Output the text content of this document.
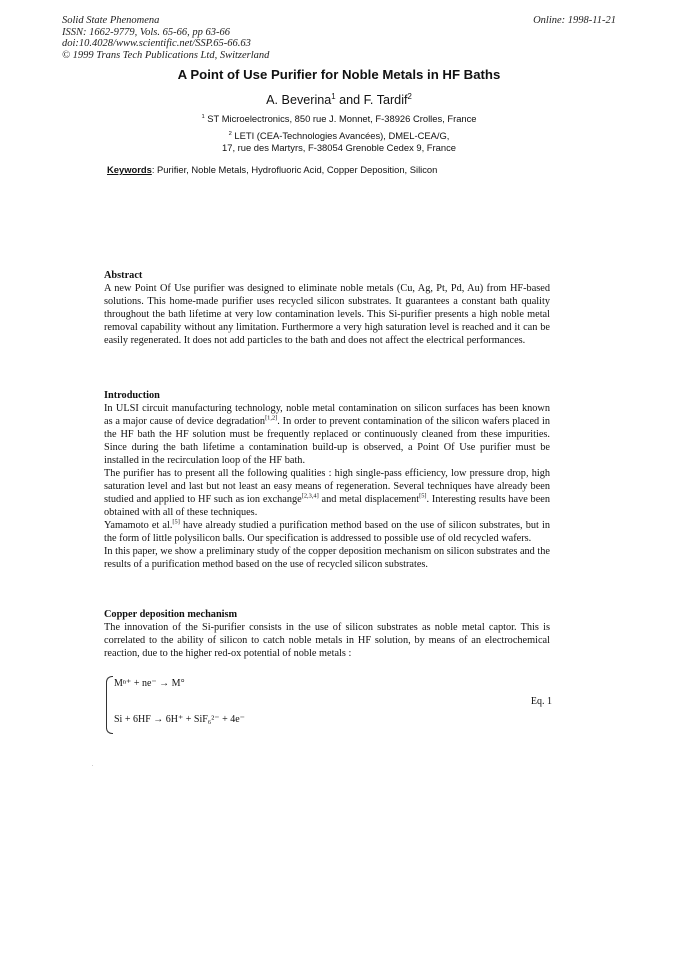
Solid State Phenomena
ISSN: 1662-9779, Vols. 65-66, pp 63-66
doi:10.4028/www.scientific.net/SSP.65-66.63
© 1999 Trans Tech Publications Ltd, Switzerland
Online: 1998-11-21
A Point of Use Purifier for Noble Metals in HF Baths
A. Beverina$^1$ and F. Tardif$^2$
$^1$ ST Microelectronics, 850 rue J. Monnet, F-38926 Crolles, France
$^2$ LETI (CEA-Technologies Avancées), DMEL-CEA/G,
17, rue des Martyrs, F-38054 Grenoble Cedex 9, France
Keywords: Purifier, Noble Metals, Hydrofluoric Acid, Copper Deposition, Silicon
Abstract

A new Point Of Use purifier was designed to eliminate noble metals (Cu, Ag, Pt, Pd, Au) from HF-based solutions. This home-made purifier uses recycled silicon substrates. It guarantees a constant bath quality throughout the bath lifetime at very low contamination levels. This Si-purifier presents a high noble metal removal capability without any limitation. Furthermore a very high saturation level is reached and it can be easily regenerated. It does not add particles to the bath and does not affect the electrical performances.

Introduction

In ULSI circuit manufacturing technology, noble metal contamination on silicon surfaces has been known as a major cause of device degradation[1,2]. In order to prevent contamination of the silicon wafers placed in the HF bath the HF solution must be frequently replaced or continuously cleaned from these impurities. Since during the bath lifetime a contamination build-up is observed, a Point Of Use purifier must be installed in the recirculation loop of the HF bath.

The purifier has to present all the following qualities : high single-pass efficiency, low pressure drop, high saturation level and last but not least an easy means of regeneration. Several techniques have already been studied and applied to HF such as ion exchange[2,3,4] and metal displacement[5]. Interesting results have been obtained with all of these techniques.

Yamamoto et al.[5] have already studied a purification method based on the use of silicon substrates, but in the form of little polysilicon balls. Our specification is addressed to possible use of old recycled wafers.

In this paper, we show a preliminary study of the copper deposition mechanism on silicon substrates and the results of a purification method based on the use of recycled silicon substrates.

Copper deposition mechanism

The innovation of the Si-purifier consists in the use of silicon substrates as noble metal captor. This is correlated to the ability of silicon to catch noble metals in HF solution, by means of an electrochemical reaction, due to the higher red-ox potential of noble metals :

Mⁿ⁺ + ne⁻ → M°
Si + 6HF → 6H⁺ + SiF₆²⁻ + 4e⁻
Eq. 1
